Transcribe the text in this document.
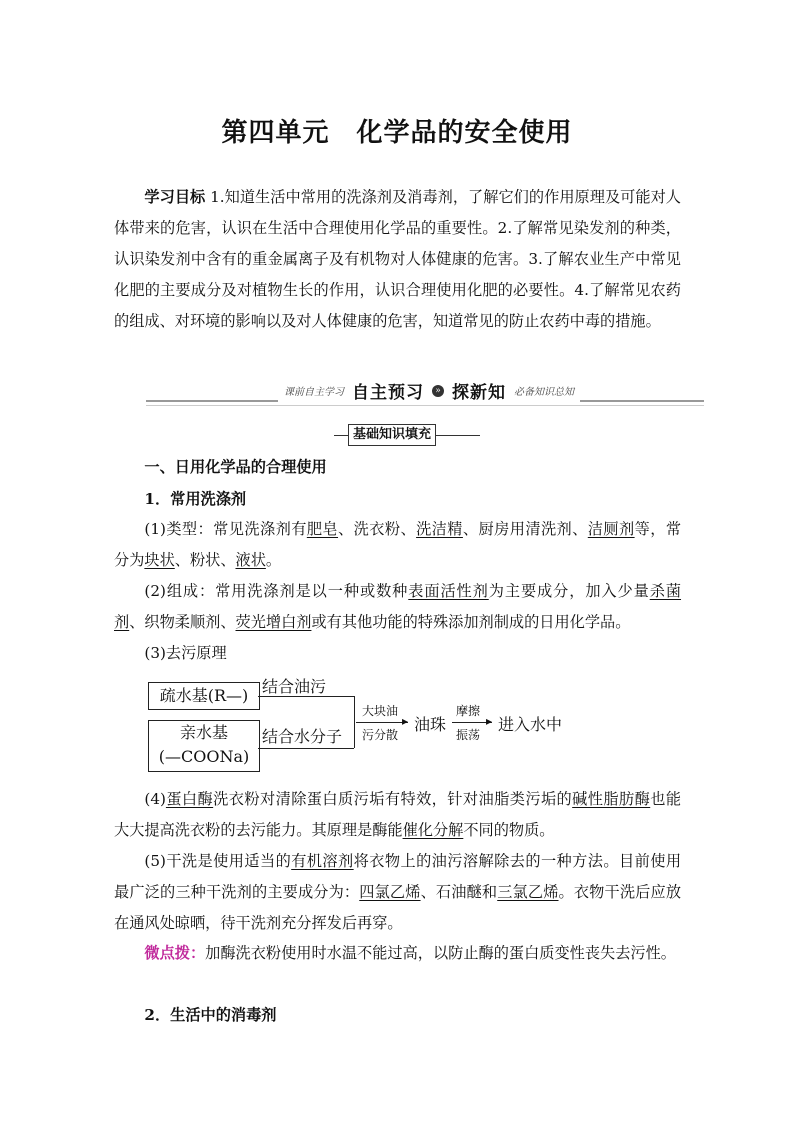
第四单元　化学品的安全使用

学习目标 1.知道生活中常用的洗涤剂及消毒剂，了解它们的作用原理及可能对人体带来的危害，认识在生活中合理使用化学品的重要性。2.了解常见染发剂的种类，认识染发剂中含有的重金属离子及有机物对人体健康的危害。3.了解农业生产中常见化肥的主要成分及对植物生长的作用，认识合理使用化肥的必要性。4.了解常见农药的组成、对环境的影响以及对人体健康的危害，知道常见的防止农药中毒的措施。

课前自主学习 自主预习	» 探新知 必备知识总知
基础知识填充

一、日用化学品的合理使用

1．常用洗涤剂

(1)类型：常见洗涤剂有肥皂、洗衣粉、洗洁精、厨房用清洗剂、洁厕剂等，常分为块状、粉状、液状。

(2)组成：常用洗涤剂是以一种或数种表面活性剂为主要成分，加入少量杀菌剂、织物柔顺剂、荧光增白剂或有其他功能的特殊添加剂制成的日用化学品。

(3)去污原理

疏水基(R—) 结合油污
亲水基
(—COONa)
结合水分子
大块油
▸
污分散
油珠
摩擦
▸
振荡
进入水中

(4)蛋白酶洗衣粉对清除蛋白质污垢有特效，针对油脂类污垢的碱性脂肪酶也能大大提高洗衣粉的去污能力。其原理是酶能催化分解不同的物质。

(5)干洗是使用适当的有机溶剂将衣物上的油污溶解除去的一种方法。目前使用最广泛的三种干洗剂的主要成分为：四氯乙烯、石油醚和三氯乙烯。衣物干洗后应放在通风处晾晒，待干洗剂充分挥发后再穿。

微点拨：加酶洗衣粉使用时水温不能过高，以防止酶的蛋白质变性丧失去污性。

2．生活中的消毒剂
